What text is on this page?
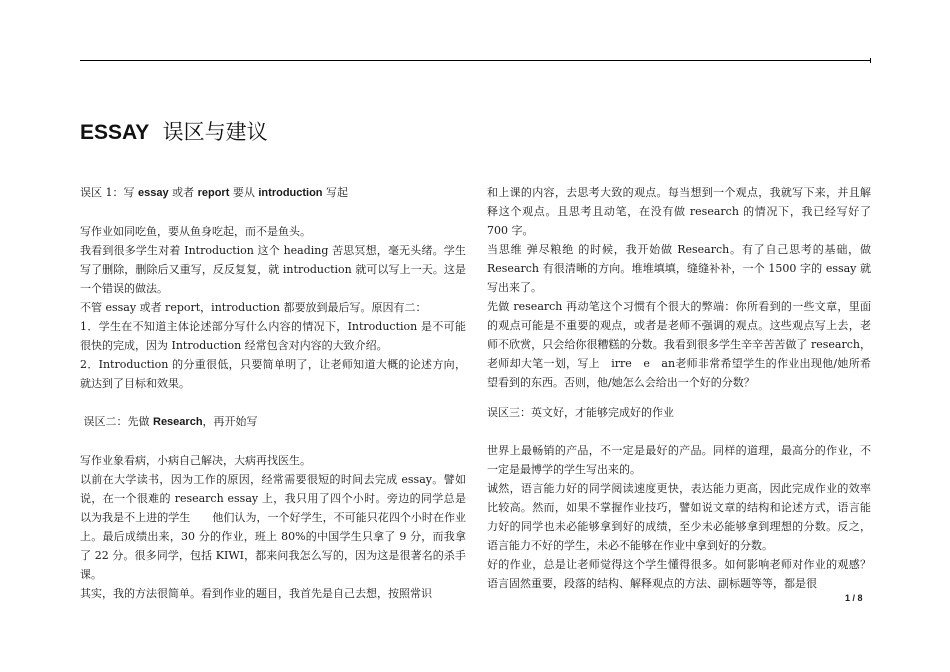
ESSAY 误区与建议

误区 1：写 essay 或者 report 要从 introduction 写起

写作业如同吃鱼，要从鱼身吃起，而不是鱼头。

我看到很多学生对着 Introduction 这个 heading 苦思冥想，毫无头绪。学生写了删除，删除后又重写，反反复复，就 introduction 就可以写上一天。这是一个错误的做法。

不管 essay 或者 report，introduction 都要放到最后写。原因有二：

1．学生在不知道主体论述部分写什么内容的情况下，Introduction 是不可能很快的完成，因为 Introduction 经常包含对内容的大致介绍。

2．Introduction 的分重很低，只要简单明了，让老师知道大概的论述方向，就达到了目标和效果。

误区二：先做 Research，再开始写

写作业象看病，小病自己解决，大病再找医生。

以前在大学读书，因为工作的原因，经常需要很短的时间去完成 essay。譬如说，在一个很难的 research essay 上，我只用了四个小时。旁边的同学总是以为我是不上进的学生　　他们认为，一个好学生，不可能只花四个小时在作业上。最后成绩出来，30 分的作业，班上 80%的中国学生只拿了 9 分，而我拿了 22 分。很多同学，包括 KIWI，都来问我怎么写的，因为这是很著名的杀手课。

其实，我的方法很简单。看到作业的题目，我首先是自己去想，按照常识

和上课的内容，去思考大致的观点。每当想到一个观点，我就写下来，并且解释这个观点。且思考且动笔，在没有做 research 的情况下，我已经写好了 700 字。

当思维 弹尽粮绝 的时候，我开始做 Research。有了自己思考的基础，做 Research 有很清晰的方向。堆堆填填，缝缝补补，一个 1500 字的 essay 就写出来了。

先做 research 再动笔这个习惯有个很大的弊端：你所看到的一些文章，里面的观点可能是不重要的观点，或者是老师不强调的观点。这些观点写上去，老师不欣赏，只会给你很糟糕的分数。我看到很多学生辛辛苦苦做了 research，老师却大笔一划，写上　irre　e　an老师非常希望学生的作业出现他/她所希望看到的东西。否则，他/她怎么会给出一个好的分数？

误区三：英文好，才能够完成好的作业

世界上最畅销的产品，不一定是最好的产品。同样的道理，最高分的作业，不一定是最博学的学生写出来的。

诚然，语言能力好的同学阅读速度更快，表达能力更高，因此完成作业的效率比较高。然而，如果不掌握作业技巧，譬如说文章的结构和论述方式，语言能力好的同学也未必能够拿到好的成绩，至少未必能够拿到理想的分数。反之，语言能力不好的学生，未必不能够在作业中拿到好的分数。

好的作业，总是让老师觉得这个学生懂得很多。如何影响老师对作业的观感？语言固然重要，段落的结构、解释观点的方法、副标题等等，都是很

1 / 8
